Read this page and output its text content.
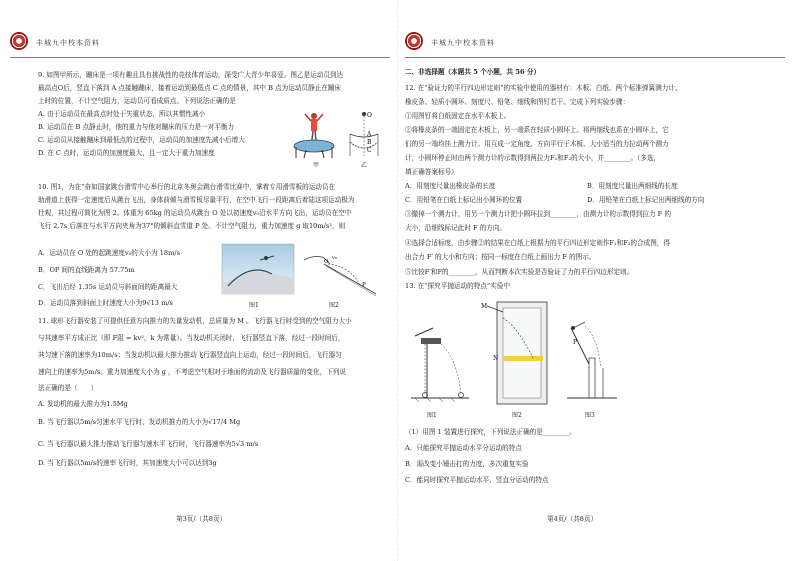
丰城九中校本资料
9. 如图甲所示，蹦床是一项有趣且具有挑战性的竞技体育运动，深受广大青少年喜爱。图乙是运动员到达
最高点O后，竖直下落到 A 点接触蹦床，接着运动到最低点 C 点的情景，其中 B 点为运动员静止在蹦床
上时的位置，不计空气阻力，运动员可看成质点。下列说法正确的是
A. 由于运动员在最高点时处于失重状态，所以其惯性减小
B. 运动员在 B 点静止时，他的重力与他对蹦床的压力是一对平衡力
C. 运动员从接触蹦床到最低点的过程中，运动员的加速度先减小后增大
D. 在 C 点时，运动员的加速度最大，且一定大于重力加速度
O
A
B
C
甲	乙
10. 图1，为在“奋如国家跳台滑雪中心举行的北京冬奥会跳台滑雪比赛中，掌着专用滑雪板的运动员在
助滑道上获得一定速度后从跳台飞出，身体前倾与滑雪板尽量平行，在空中飞行一段距离后着陆这项运动极为
壮观，其过程可简化为图 2。体重为 65kg 的运动员从跳台 O 处以初速度v₀沿水平方向飞出，运动员在空中
飞行 2.7s 后落在与水平方向夹角为37°的倾斜直雪道 P 处。不计空气阻力，重力加速度 g 取10m/s²，则
A．运动员在 O 处的起跳速度v₀的大小为 18m/s
B．OP 间的直线距离为 57.75m
C．飞出后经 1.35s 运动员与斜面间的距离最大
D．运动员落到斜面上时速度大小为9√13 m/s
O
v₀
P
图1	图2
11. 球形飞行器安装了可提供任意方向推力的矢量发动机，总质量为 M 。飞行器飞行时受到的空气阻力大小
与其速率平方成正比（即 F阻 = kv²，k 为常量）。当发动机关闭时，飞行器竖直下落，经过一段时间后，
其匀速下落的速率为10m/s；当发动机以最大推力推动飞行器竖直向上运动，经过一段时间后，飞行器匀
速向上的速率为5m/s。重力加速度大小为 g ，不考虑空气相对于地面的流动及飞行器质量的变化，下列说
法正确的是（　　）
A. 发动机的最大推力为1.5Mg
B. 当飞行器以5m/s匀速水平飞行时，发动机推力的大小为√17/4 Mg
C. 当飞行器以最大推力推动飞行器匀速水平飞行时，飞行器速率为5√3 m/s
D. 当飞行器以5m/s的速率飞行时，其加速度大小可以达到3g
第3页/（共8页）
丰城九中校本资料
二、非选择题（本题共 5 个小题，共 56 分）
12. 在“验证力的平行四边形定则”的实验中使用的器材有：木板、白纸、两个标准弹簧测力计、
橡皮条、轻质小圆环、刻度尺、铅笔、细线和图钉若干。完成下列实验步骤：
①用图钉将白纸固定在水平木板上。
②将橡皮条的一端固定在木板上，另一端系在轻质小圆环上。将两细线也系在小圆环上，它
们的另一端均挂上测力计。用互成一定角度、方向平行于木板、大小适当的力拉动两个测力
计，小圆环停止时由两个测力计的示数得到两拉力F₁和F₂的大小，并________。（多选，
填正确答案标号）
A．用刻度尺量出橡皮条的长度	B．用刻度尺量出两细线的长度
C．用铅笔在白纸上标记出小圆环的位置	D．用铅笔在白纸上标记出两细线的方向
③撤掉一个测力计，用另一个测力计把小圆环拉到________，由测力计的示数得到拉力 F 的
大小，沿细线标记此时 F 的方向。
④选择合适标度，由步骤②的结果在白纸上根据力的平行四边形定则作F₁和F₂的合成图，得
出合力 F′ 的大小和方向；按同一标度在白纸上画出力 F 的图示。
⑤比较F′和F的________，从而判断本次实验是否验证了力的平行四边形定则。
13. 在“探究平抛运动的特点”实验中
M
N
P
图1	图2	图3
（1）用图 1 装置进行探究，下列说法正确的是________。
A．只能探究平抛运动水平分运动的特点
B．需改变小锤击打的力度，多次重复实验
C．能同时探究平抛运动水平、竖直分运动的特点
第4页/（共8页）
